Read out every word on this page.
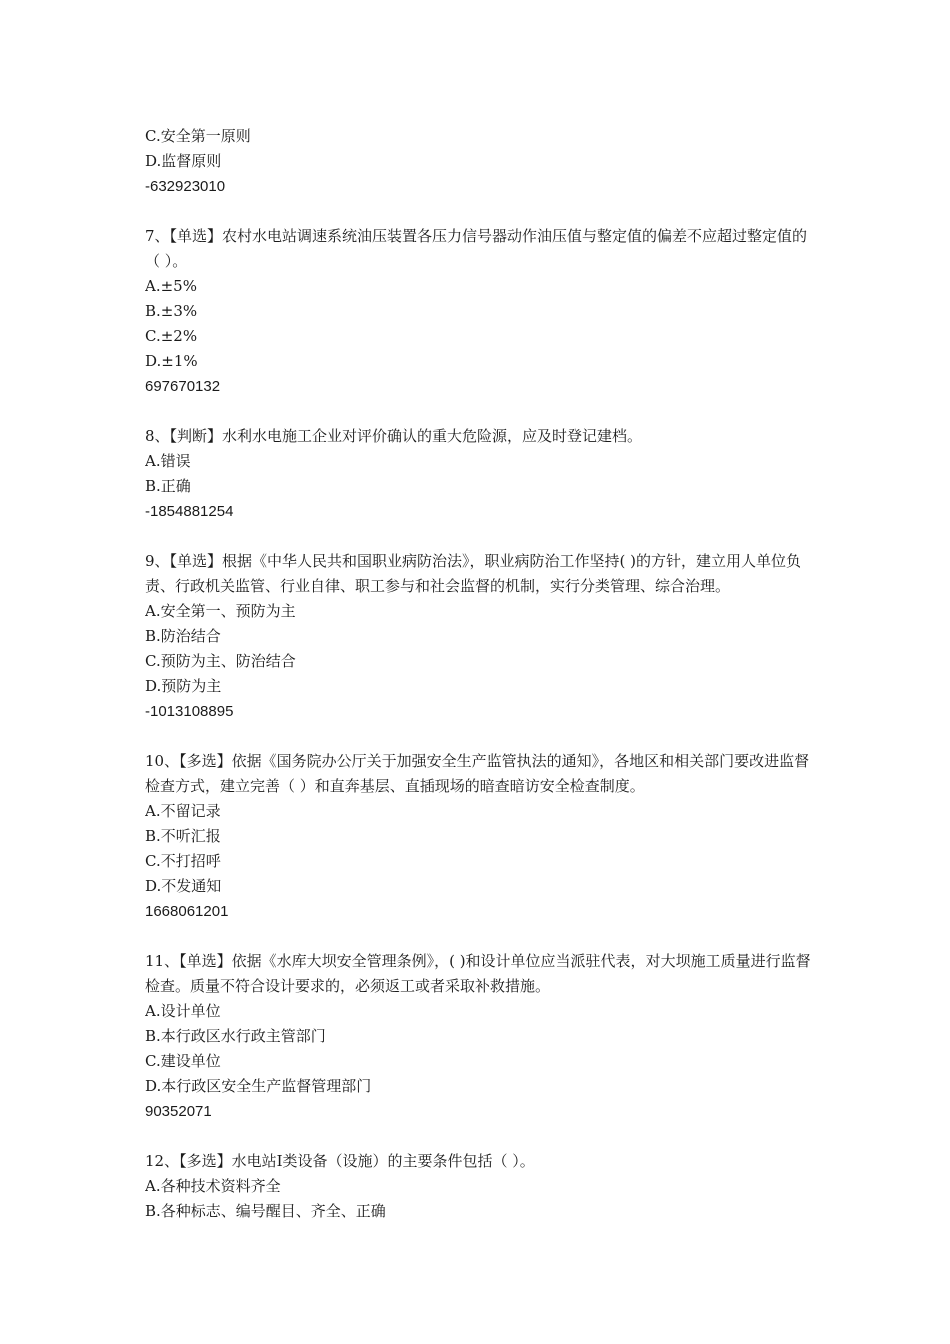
C.安全第一原则
D.监督原则
-632923010
7、【单选】农村水电站调速系统油压装置各压力信号器动作油压值与整定值的偏差不应超过整定值的（ ）。
A.±5%
B.±3%
C.±2%
D.±1%
697670132
8、【判断】水利水电施工企业对评价确认的重大危险源，应及时登记建档。
A.错误
B.正确
-1854881254
9、【单选】根据《中华人民共和国职业病防治法》，职业病防治工作坚持( )的方针，建立用人单位负责、行政机关监管、行业自律、职工参与和社会监督的机制，实行分类管理、综合治理。
A.安全第一、预防为主
B.防治结合
C.预防为主、防治结合
D.预防为主
-1013108895
10、【多选】依据《国务院办公厅关于加强安全生产监管执法的通知》，各地区和相关部门要改进监督检查方式，建立完善（ ）和直奔基层、直插现场的暗查暗访安全检查制度。
A.不留记录
B.不听汇报
C.不打招呼
D.不发通知
1668061201
11、【单选】依据《水库大坝安全管理条例》，( )和设计单位应当派驻代表，对大坝施工质量进行监督检查。质量不符合设计要求的，必须返工或者采取补救措施。
A.设计单位
B.本行政区水行政主管部门
C.建设单位
D.本行政区安全生产监督管理部门
90352071
12、【多选】水电站Ⅰ类设备（设施）的主要条件包括（ ）。
A.各种技术资料齐全
B.各种标志、编号醒目、齐全、正确
